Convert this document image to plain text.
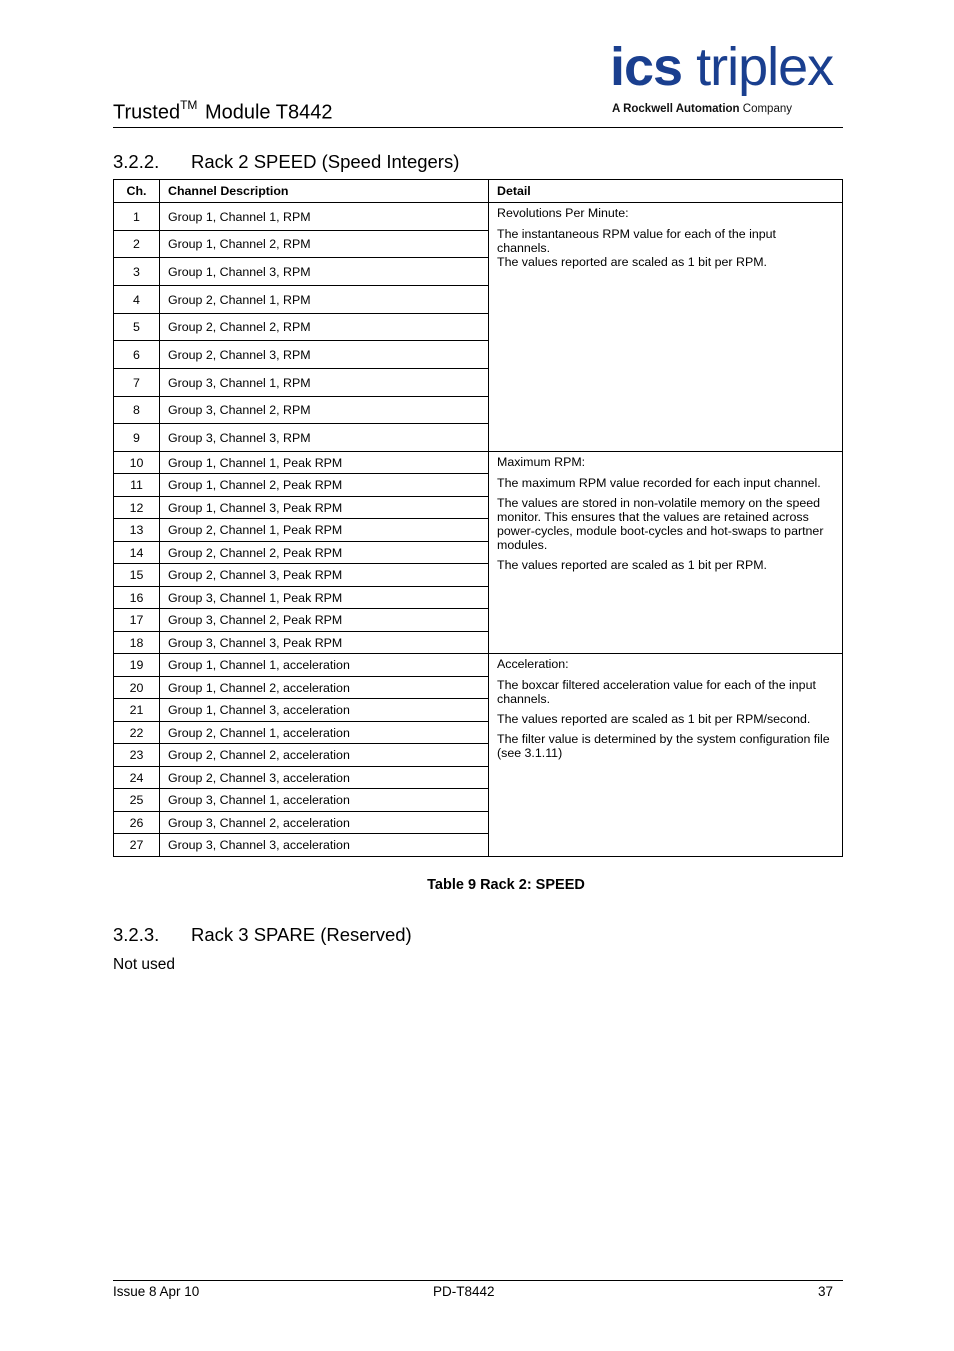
Trusted™ Module T8442
ics triplex
A Rockwell Automation Company
3.2.2. Rack 2 SPEED (Speed Integers)
Ch.	Channel Description	Detail
1	Group 1, Channel 1, RPM	Revolutions Per Minute:

The instantaneous RPM value for each of the input channels.
The values reported are scaled as 1 bit per RPM.

2	Group 1, Channel 2, RPM	
3	Group 1, Channel 3, RPM	
4	Group 2, Channel 1, RPM	
5	Group 2, Channel 2, RPM	
6	Group 2, Channel 3, RPM	
7	Group 3, Channel 1, RPM	
8	Group 3, Channel 2, RPM	
9	Group 3, Channel 3, RPM	
10	Group 1, Channel 1, Peak RPM	Maximum RPM:

The maximum RPM value recorded for each input channel.

The values are stored in non-volatile memory on the speed monitor. This ensures that the values are retained across power-cycles, module boot-cycles and hot-swaps to partner modules.

The values reported are scaled as 1 bit per RPM.

11	Group 1, Channel 2, Peak RPM	
12	Group 1, Channel 3, Peak RPM	
13	Group 2, Channel 1, Peak RPM	
14	Group 2, Channel 2, Peak RPM	
15	Group 2, Channel 3, Peak RPM	
16	Group 3, Channel 1, Peak RPM	
17	Group 3, Channel 2, Peak RPM	
18	Group 3, Channel 3, Peak RPM	
19	Group 1, Channel 1, acceleration	Acceleration:

The boxcar filtered acceleration value for each of the input channels.

The values reported are scaled as 1 bit per RPM/second.

The filter value is determined by the system configuration file (see 3.1.11)

20	Group 1, Channel 2, acceleration	
21	Group 1, Channel 3, acceleration	
22	Group 2, Channel 1, acceleration	
23	Group 2, Channel 2, acceleration	
24	Group 2, Channel 3, acceleration	
25	Group 3, Channel 1, acceleration	
26	Group 3, Channel 2, acceleration	
27	Group 3, Channel 3, acceleration	
Table 9 Rack 2: SPEED
3.2.3. Rack 3 SPARE (Reserved)
Not used
Issue 8 Apr 10	PD-T8442	37
